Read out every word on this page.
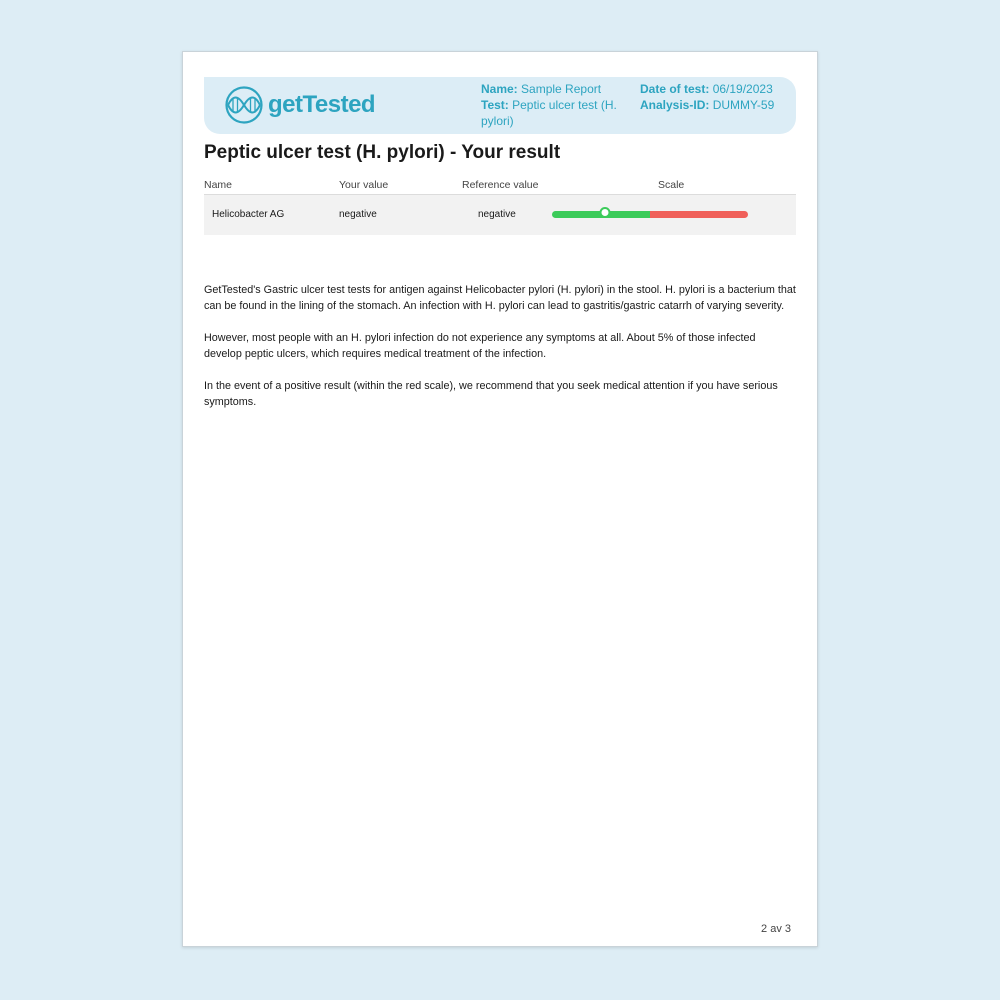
getTested
Name: Sample Report
Test: Peptic ulcer test (H. pylori)
Date of test: 06/19/2023
Analysis-ID: DUMMY-59
Peptic ulcer test (H. pylori) - Your result
Name	Your value	Reference value	Scale
Helicobacter AG	negative	negative

GetTested's Gastric ulcer test tests for antigen against Helicobacter pylori (H. pylori) in the stool. H. pylori is a bacterium that can be found in the lining of the stomach. An infection with H. pylori can lead to gastritis/gastric catarrh of varying severity.

However, most people with an H. pylori infection do not experience any symptoms at all. About 5% of those infected develop peptic ulcers, which requires medical treatment of the infection.

In the event of a positive result (within the red scale), we recommend that you seek medical attention if you have serious symptoms.

2 av 3
